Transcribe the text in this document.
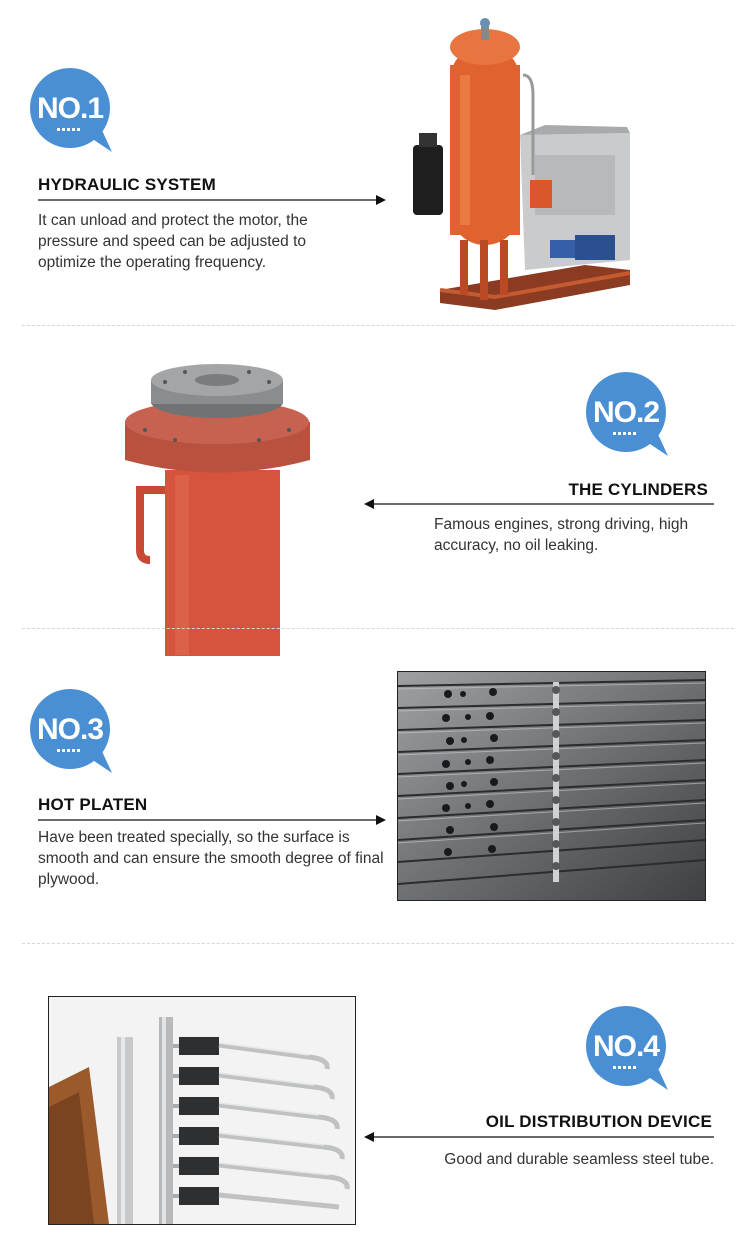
NO.1
HYDRAULIC SYSTEM
It can unload and protect the motor, the pressure and speed can be adjusted to optimize the operating frequency.
NO.2
THE CYLINDERS
Famous engines, strong driving, high accuracy, no oil leaking.
NO.3
HOT PLATEN
Have been treated specially, so the surface is smooth and can ensure the smooth degree of final plywood.
NO.4
OIL DISTRIBUTION DEVICE
Good and durable seamless steel tube.
